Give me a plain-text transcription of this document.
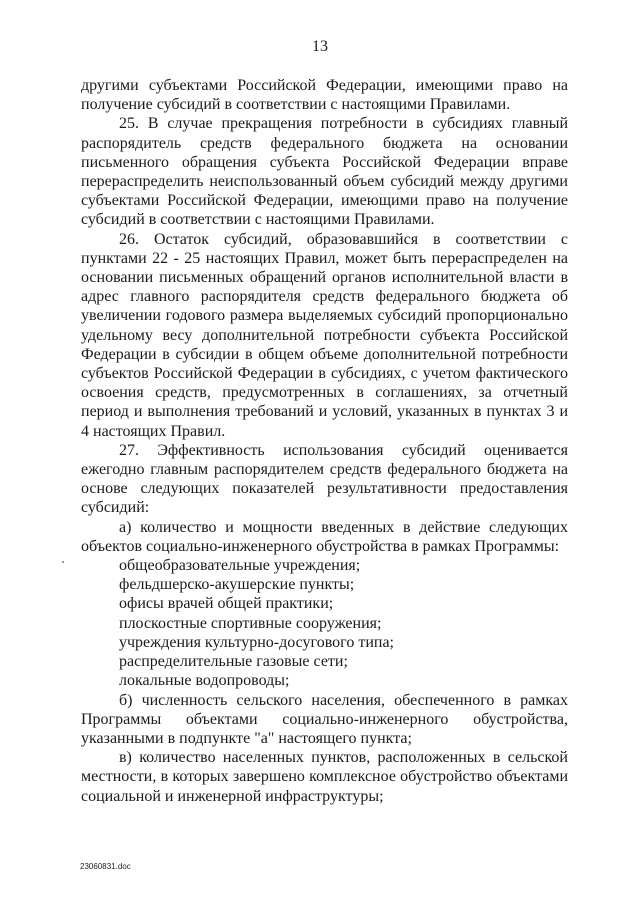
13

другими субъектами Российской Федерации, имеющими право на получение субсидий в соответствии с настоящими Правилами.

25. В случае прекращения потребности в субсидиях главный распорядитель средств федерального бюджета на основании письменного обращения субъекта Российской Федерации вправе перераспределить неиспользованный объем субсидий между другими субъектами Российской Федерации, имеющими право на получение субсидий в соответствии с настоящими Правилами.

26. Остаток субсидий, образовавшийся в соответствии с пунктами 22 - 25 настоящих Правил, может быть перераспределен на основании письменных обращений органов исполнительной власти в адрес главного распорядителя средств федерального бюджета об увеличении годового размера выделяемых субсидий пропорционально удельному весу дополнительной потребности субъекта Российской Федерации в субсидии в общем объеме дополнительной потребности субъектов Российской Федерации в субсидиях, с учетом фактического освоения средств, предусмотренных в соглашениях, за отчетный период и выполнения требований и условий, указанных в пунктах 3 и 4 настоящих Правил.

27. Эффективность использования субсидий оценивается ежегодно главным распорядителем средств федерального бюджета на основе следующих показателей результативности предоставления субсидий:

а) количество и мощности введенных в действие следующих объектов социально-инженерного обустройства в рамках Программы:

общеобразовательные учреждения;

фельдшерско-акушерские пункты;

офисы врачей общей практики;

плоскостные спортивные сооружения;

учреждения культурно-досугового типа;

распределительные газовые сети;

локальные водопроводы;

б) численность сельского населения, обеспеченного в рамках Программы объектами социально-инженерного обустройства, указанными в подпункте "а" настоящего пункта;

в) количество населенных пунктов, расположенных в сельской местности, в которых завершено комплексное обустройство объектами социальной и инженерной инфраструктуры;

23060831.doc
